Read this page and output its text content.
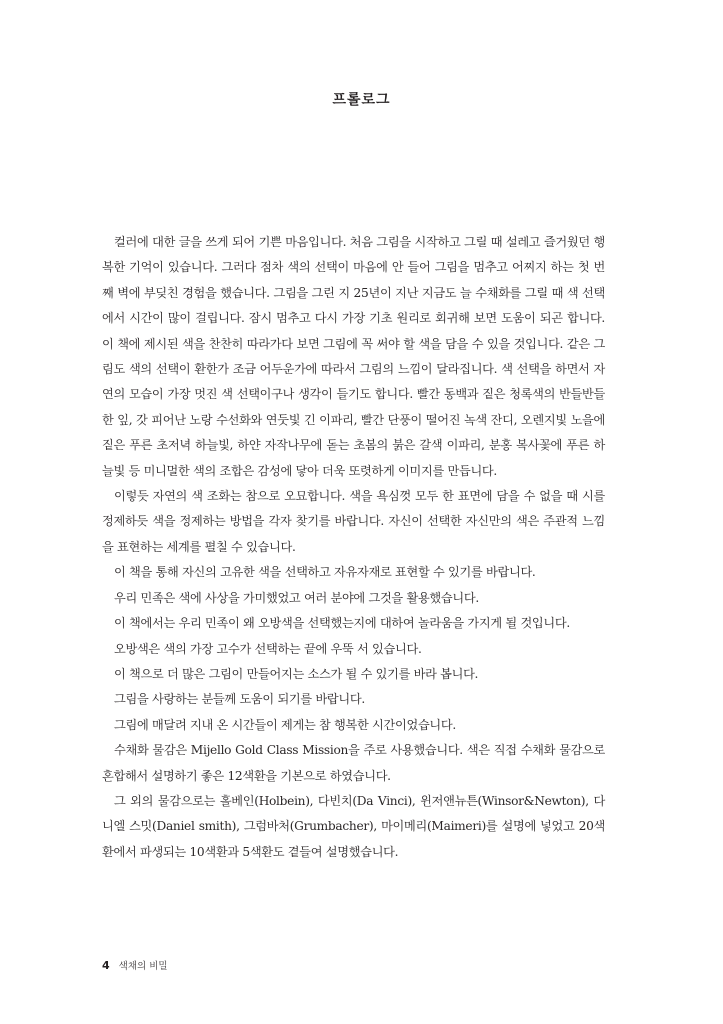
프롤로그

컬러에 대한 글을 쓰게 되어 기쁜 마음입니다. 처음 그림을 시작하고 그릴 때 설레고 즐거웠던 행복한 기억이 있습니다. 그러다 점차 색의 선택이 마음에 안 들어 그림을 멈추고 어찌지 하는 첫 번째 벽에 부딪친 경험을 했습니다. 그림을 그린 지 25년이 지난 지금도 늘 수채화를 그릴 때 색 선택에서 시간이 많이 걸립니다. 잠시 멈추고 다시 가장 기초 원리로 회귀해 보면 도움이 되곤 합니다. 이 책에 제시된 색을 찬찬히 따라가다 보면 그림에 꼭 써야 할 색을 담을 수 있을 것입니다. 같은 그림도 색의 선택이 환한가 조금 어두운가에 따라서 그림의 느낌이 달라집니다. 색 선택을 하면서 자연의 모습이 가장 멋진 색 선택이구나 생각이 들기도 합니다. 빨간 동백과 짙은 청록색의 반들반들한 잎, 갓 피어난 노랑 수선화와 연둣빛 긴 이파리, 빨간 단풍이 떨어진 녹색 잔디, 오렌지빛 노을에 짙은 푸른 초저녁 하늘빛, 하얀 자작나무에 돋는 초봄의 붉은 갈색 이파리, 분홍 복사꽃에 푸른 하늘빛 등 미니멀한 색의 조합은 감성에 닿아 더욱 또렷하게 이미지를 만듭니다.

이렇듯 자연의 색 조화는 참으로 오묘합니다. 색을 욕심껏 모두 한 표면에 담을 수 없을 때 시를 정제하듯 색을 정제하는 방법을 각자 찾기를 바랍니다. 자신이 선택한 자신만의 색은 주관적 느낌을 표현하는 세계를 펼칠 수 있습니다.

이 책을 통해 자신의 고유한 색을 선택하고 자유자재로 표현할 수 있기를 바랍니다.

우리 민족은 색에 사상을 가미했었고 여러 분야에 그것을 활용했습니다.

이 책에서는 우리 민족이 왜 오방색을 선택했는지에 대하여 놀라움을 가지게 될 것입니다.

오방색은 색의 가장 고수가 선택하는 끝에 우뚝 서 있습니다.

이 책으로 더 많은 그림이 만들어지는 소스가 될 수 있기를 바라 봅니다.

그림을 사랑하는 분들께 도움이 되기를 바랍니다.

그림에 매달려 지내 온 시간들이 제게는 참 행복한 시간이었습니다.

수채화 물감은 Mijello Gold Class Mission을 주로 사용했습니다. 색은 직접 수채화 물감으로 혼합해서 설명하기 좋은 12색환을 기본으로 하였습니다.

그 외의 물감으로는 홀베인(Holbein), 다빈치(Da Vinci), 윈저앤뉴튼(Winsor&Newton), 다니엘 스밋(Daniel smith), 그럼바처(Grumbacher), 마이메리(Maimeri)를 설명에 넣었고 20색환에서 파생되는 10색환과 5색환도 곁들여 설명했습니다.

4 색채의 비밀
